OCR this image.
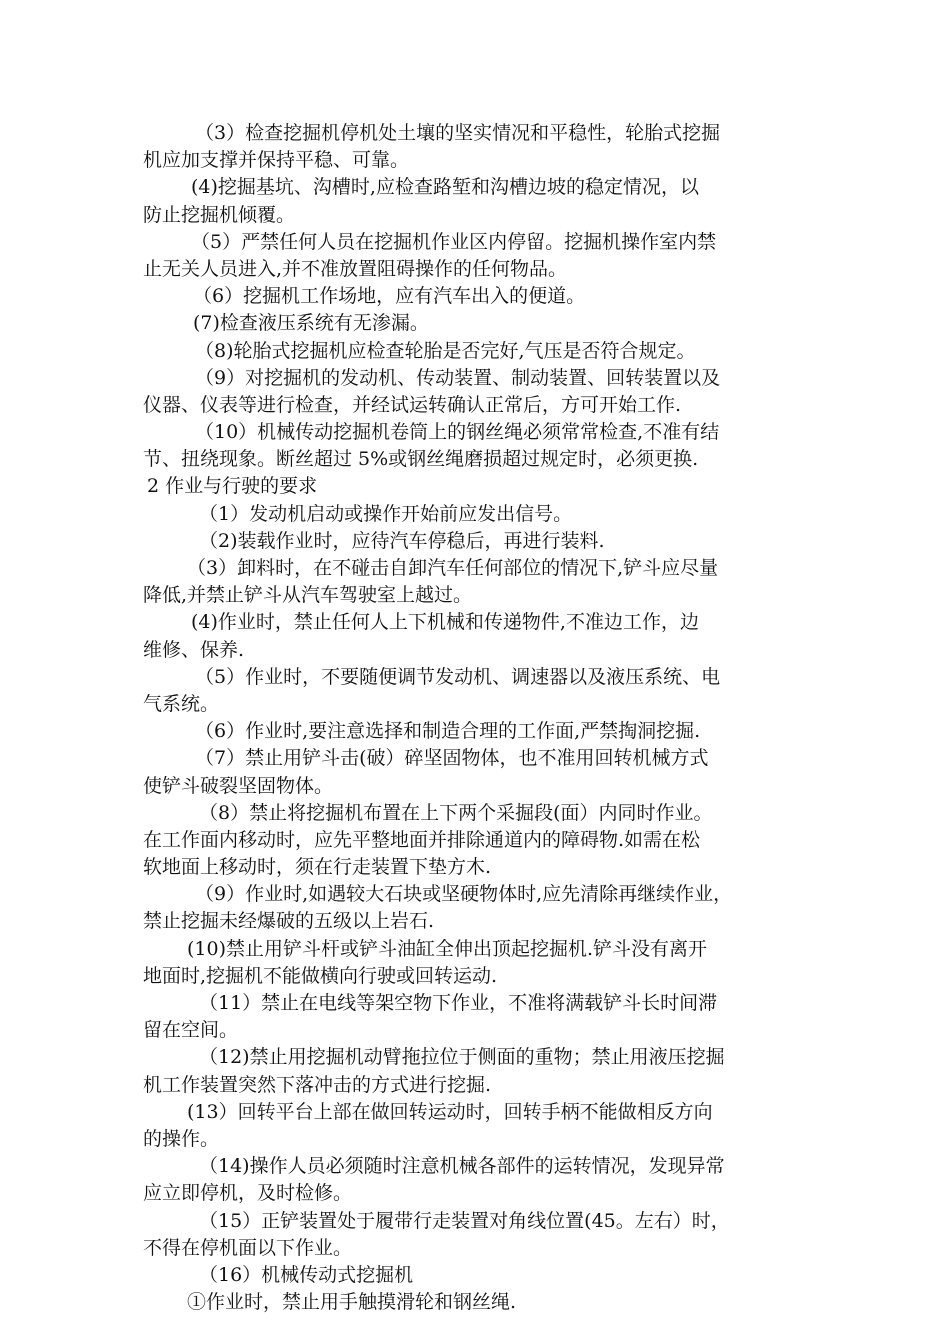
（3）检查挖掘机停机处土壤的坚实情况和平稳性，轮胎式挖掘
机应加支撑并保持平稳、可靠。
(4)挖掘基坑、沟槽时,应检查路堑和沟槽边坡的稳定情况，以
防止挖掘机倾覆。
（5）严禁任何人员在挖掘机作业区内停留。挖掘机操作室内禁
止无关人员进入,并不准放置阻碍操作的任何物品。
（6）挖掘机工作场地，应有汽车出入的便道。
(7)检查液压系统有无渗漏。
（8)轮胎式挖掘机应检查轮胎是否完好,气压是否符合规定。
（9）对挖掘机的发动机、传动装置、制动装置、回转装置以及
仪器、仪表等进行检查，并经试运转确认正常后，方可开始工作.
（10）机械传动挖掘机卷筒上的钢丝绳必须常常检查,不准有结
节、扭绕现象。断丝超过 5%或钢丝绳磨损超过规定时，必须更换.
2 作业与行驶的要求
（1）发动机启动或操作开始前应发出信号。
（2)装载作业时，应待汽车停稳后，再进行装料.
（3）卸料时，在不碰击自卸汽车任何部位的情况下,铲斗应尽量
降低,并禁止铲斗从汽车驾驶室上越过。
(4)作业时，禁止任何人上下机械和传递物件,不准边工作，边
维修、保养.
（5）作业时，不要随便调节发动机、调速器以及液压系统、电
气系统。
（6）作业时,要注意选择和制造合理的工作面,严禁掏洞挖掘.
（7）禁止用铲斗击(破）碎坚固物体，也不准用回转机械方式
使铲斗破裂坚固物体。
（8）禁止将挖掘机布置在上下两个采掘段(面）内同时作业。
在工作面内移动时，应先平整地面并排除通道内的障碍物.如需在松
软地面上移动时，须在行走装置下垫方木.
（9）作业时,如遇较大石块或坚硬物体时,应先清除再继续作业，
禁止挖掘未经爆破的五级以上岩石.
(10)禁止用铲斗杆或铲斗油缸全伸出顶起挖掘机.铲斗没有离开
地面时,挖掘机不能做横向行驶或回转运动.
（11）禁止在电线等架空物下作业，不准将满载铲斗长时间滞
留在空间。
（12)禁止用挖掘机动臂拖拉位于侧面的重物；禁止用液压挖掘
机工作装置突然下落冲击的方式进行挖掘.
(13）回转平台上部在做回转运动时，回转手柄不能做相反方向
的操作。
（14)操作人员必须随时注意机械各部件的运转情况，发现异常
应立即停机，及时检修。
（15）正铲装置处于履带行走装置对角线位置(45。左右）时，
不得在停机面以下作业。
（16）机械传动式挖掘机
①作业时，禁止用手触摸滑轮和钢丝绳.
